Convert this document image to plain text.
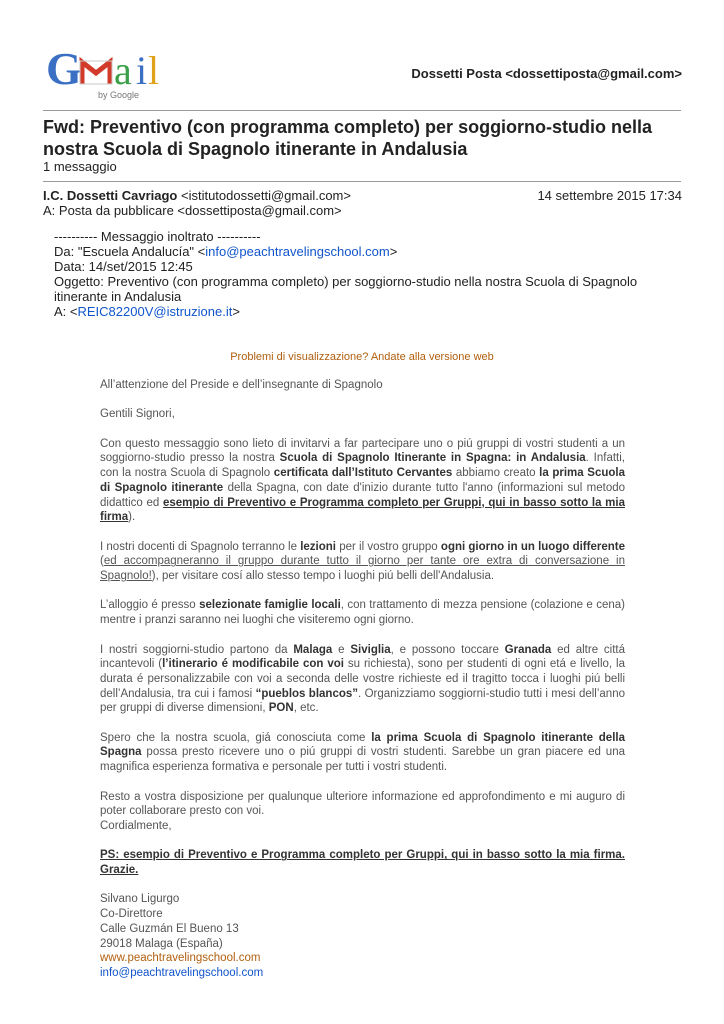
G a i l
by Google
Dossetti Posta <dossettiposta@gmail.com>
Fwd: Preventivo (con programma completo) per soggiorno-studio nella nostra Scuola di Spagnolo itinerante in Andalusia
1 messaggio
I.C. Dossetti Cavriago <istitutodossetti@gmail.com>	14 settembre 2015 17:34
A: Posta da pubblicare <dossettiposta@gmail.com>
---------- Messaggio inoltrato ----------
Da: "Escuela Andalucía" <info@peachtravelingschool.com>
Data: 14/set/2015 12:45
Oggetto: Preventivo (con programma completo) per soggiorno-studio nella nostra Scuola di Spagnolo itinerante in Andalusia
A: <REIC82200V@istruzione.it>
Problemi di visualizzazione? Andate alla versione web

All’attenzione del Preside e dell’insegnante di Spagnolo

Gentili Signori,

Con questo messaggio sono lieto di invitarvi a far partecipare uno o piú gruppi di vostri studenti a un soggiorno-studio presso la nostra Scuola di Spagnolo Itinerante in Spagna: in Andalusia. Infatti, con la nostra Scuola di Spagnolo certificata dall’Istituto Cervantes abbiamo creato la prima Scuola di Spagnolo itinerante della Spagna, con date d'inizio durante tutto l'anno (informazioni sul metodo didattico ed esempio di Preventivo e Programma completo per Gruppi, qui in basso sotto la mia firma).

I nostri docenti di Spagnolo terranno le lezioni per il vostro gruppo ogni giorno in un luogo differente (ed accompagneranno il gruppo durante tutto il giorno per tante ore extra di conversazione in Spagnolo!), per visitare cosí allo stesso tempo i luoghi piú belli dell'Andalusia.

L’alloggio é presso selezionate famiglie locali, con trattamento di mezza pensione (colazione e cena) mentre i pranzi saranno nei luoghi che visiteremo ogni giorno.

I nostri soggiorni-studio partono da Malaga e Siviglia, e possono toccare Granada ed altre cittá incantevoli (l’itinerario é modificabile con voi su richiesta), sono per studenti di ogni etá e livello, la durata é personalizzabile con voi a seconda delle vostre richieste ed il tragitto tocca i luoghi piú belli dell’Andalusia, tra cui i famosi “pueblos blancos”. Organizziamo soggiorni-studio tutti i mesi dell’anno per gruppi di diverse dimensioni, PON, etc.

Spero che la nostra scuola, giá conosciuta come la prima Scuola di Spagnolo itinerante della Spagna possa presto ricevere uno o piú gruppi di vostri studenti. Sarebbe un gran piacere ed una magnifica esperienza formativa e personale per tutti i vostri studenti.

Resto a vostra disposizione per qualunque ulteriore informazione ed approfondimento e mi auguro di poter collaborare presto con voi.

Cordialmente,

PS: esempio di Preventivo e Programma completo per Gruppi, qui in basso sotto la mia firma. Grazie.

Silvano Ligurgo
Co-Direttore
Calle Guzmán El Bueno 13
29018 Malaga (España)
www.peachtravelingschool.com
info@peachtravelingschool.com
